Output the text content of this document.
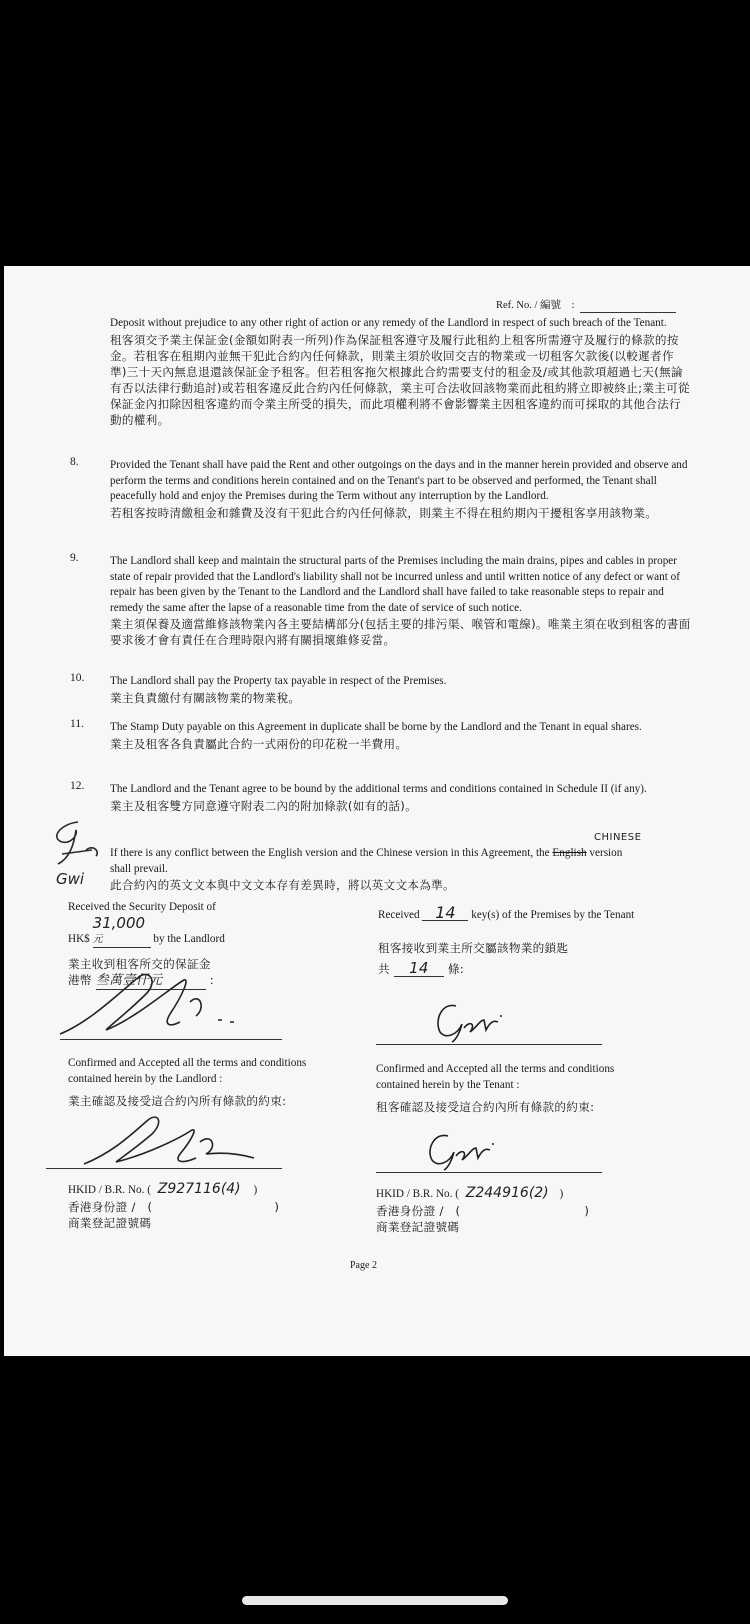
Ref. No. / 編號　:

Deposit without prejudice to any other right of action or any remedy of the Landlord in respect of such breach of the Tenant.

租客須交予業主保証金(金額如附表一所列)作為保証租客遵守及履行此租約上租客所需遵守及履行的條款的按金。若租客在租期內並無干犯此合約內任何條款，則業主須於收回交吉的物業或一切租客欠款後(以較遲者作準)三十天內無息退還該保証金予租客。但若租客拖欠根據此合約需要支付的租金及/或其他款項超過七天(無論有否以法律行動追討)或若租客違反此合約內任何條款，業主可合法收回該物業而此租約將立即被終止;業主可從保証金內扣除因租客違約而令業主所受的損失，而此項權利將不會影響業主因租客違約而可採取的其他合法行動的權利。

8.	Provided the Tenant shall have paid the Rent and other outgoings on the days and in the manner herein provided and observe and perform the terms and conditions herein contained and on the Tenant's part to be observed and performed, the Tenant shall peacefully hold and enjoy the Premises during the Term without any interruption by the Landlord.

若租客按時清繳租金和雜費及沒有干犯此合約內任何條款，則業主不得在租約期內干擾租客享用該物業。

9.	The Landlord shall keep and maintain the structural parts of the Premises including the main drains, pipes and cables in proper state of repair provided that the Landlord's liability shall not be incurred unless and until written notice of any defect or want of repair has been given by the Tenant to the Landlord and the Landlord shall have failed to take reasonable steps to repair and remedy the same after the lapse of a reasonable time from the date of service of such notice.

業主須保養及適當維修該物業內各主要結構部分(包括主要的排污渠、喉管和電線)。唯業主須在收到租客的書面要求後才會有責任在合理時限內將有關損壞維修妥當。

10. The Landlord shall pay the Property tax payable in respect of the Premises.

業主負責繳付有關該物業的物業稅。

11. The Stamp Duty payable on this Agreement in duplicate shall be borne by the Landlord and the Tenant in equal shares.

業主及租客各負責屬此合約一式兩份的印花稅一半費用。

12. The Landlord and the Tenant agree to be bound by the additional terms and conditions contained in Schedule II (if any).

業主及租客雙方同意遵守附表二內的附加條款(如有的話)。

Gwi
CHINESE

If there is any conflict between the English version and the Chinese version in this Agreement, the English version
shall prevail.

此合約內的英文文本與中文文本存有差異時，將以英文文本為準。

Received the Security Deposit of
HK$ 31,000元	by the Landlord
業主收到租客所交的保証金
港幣 叁萬壹仟元	:
Received 14 key(s) of the Premises by the Tenant
租客接收到業主所交屬該物業的鎖匙
共 14 條:
Confirmed and Accepted all the terms and conditions contained herein by the Landlord :
業主確認及接受這合約內所有條款的約束:
Confirmed and Accepted all the terms and conditions contained herein by the Tenant :
租客確認及接受這合約內所有條款的約束:
HKID / B.R. No. ( Z927116(4) )
香港身份證 /　(	)
商業登記證號碼
HKID / B.R. No. ( Z244916(2) )
香港身份證 /　(	)
商業登記證號碼
Page 2
